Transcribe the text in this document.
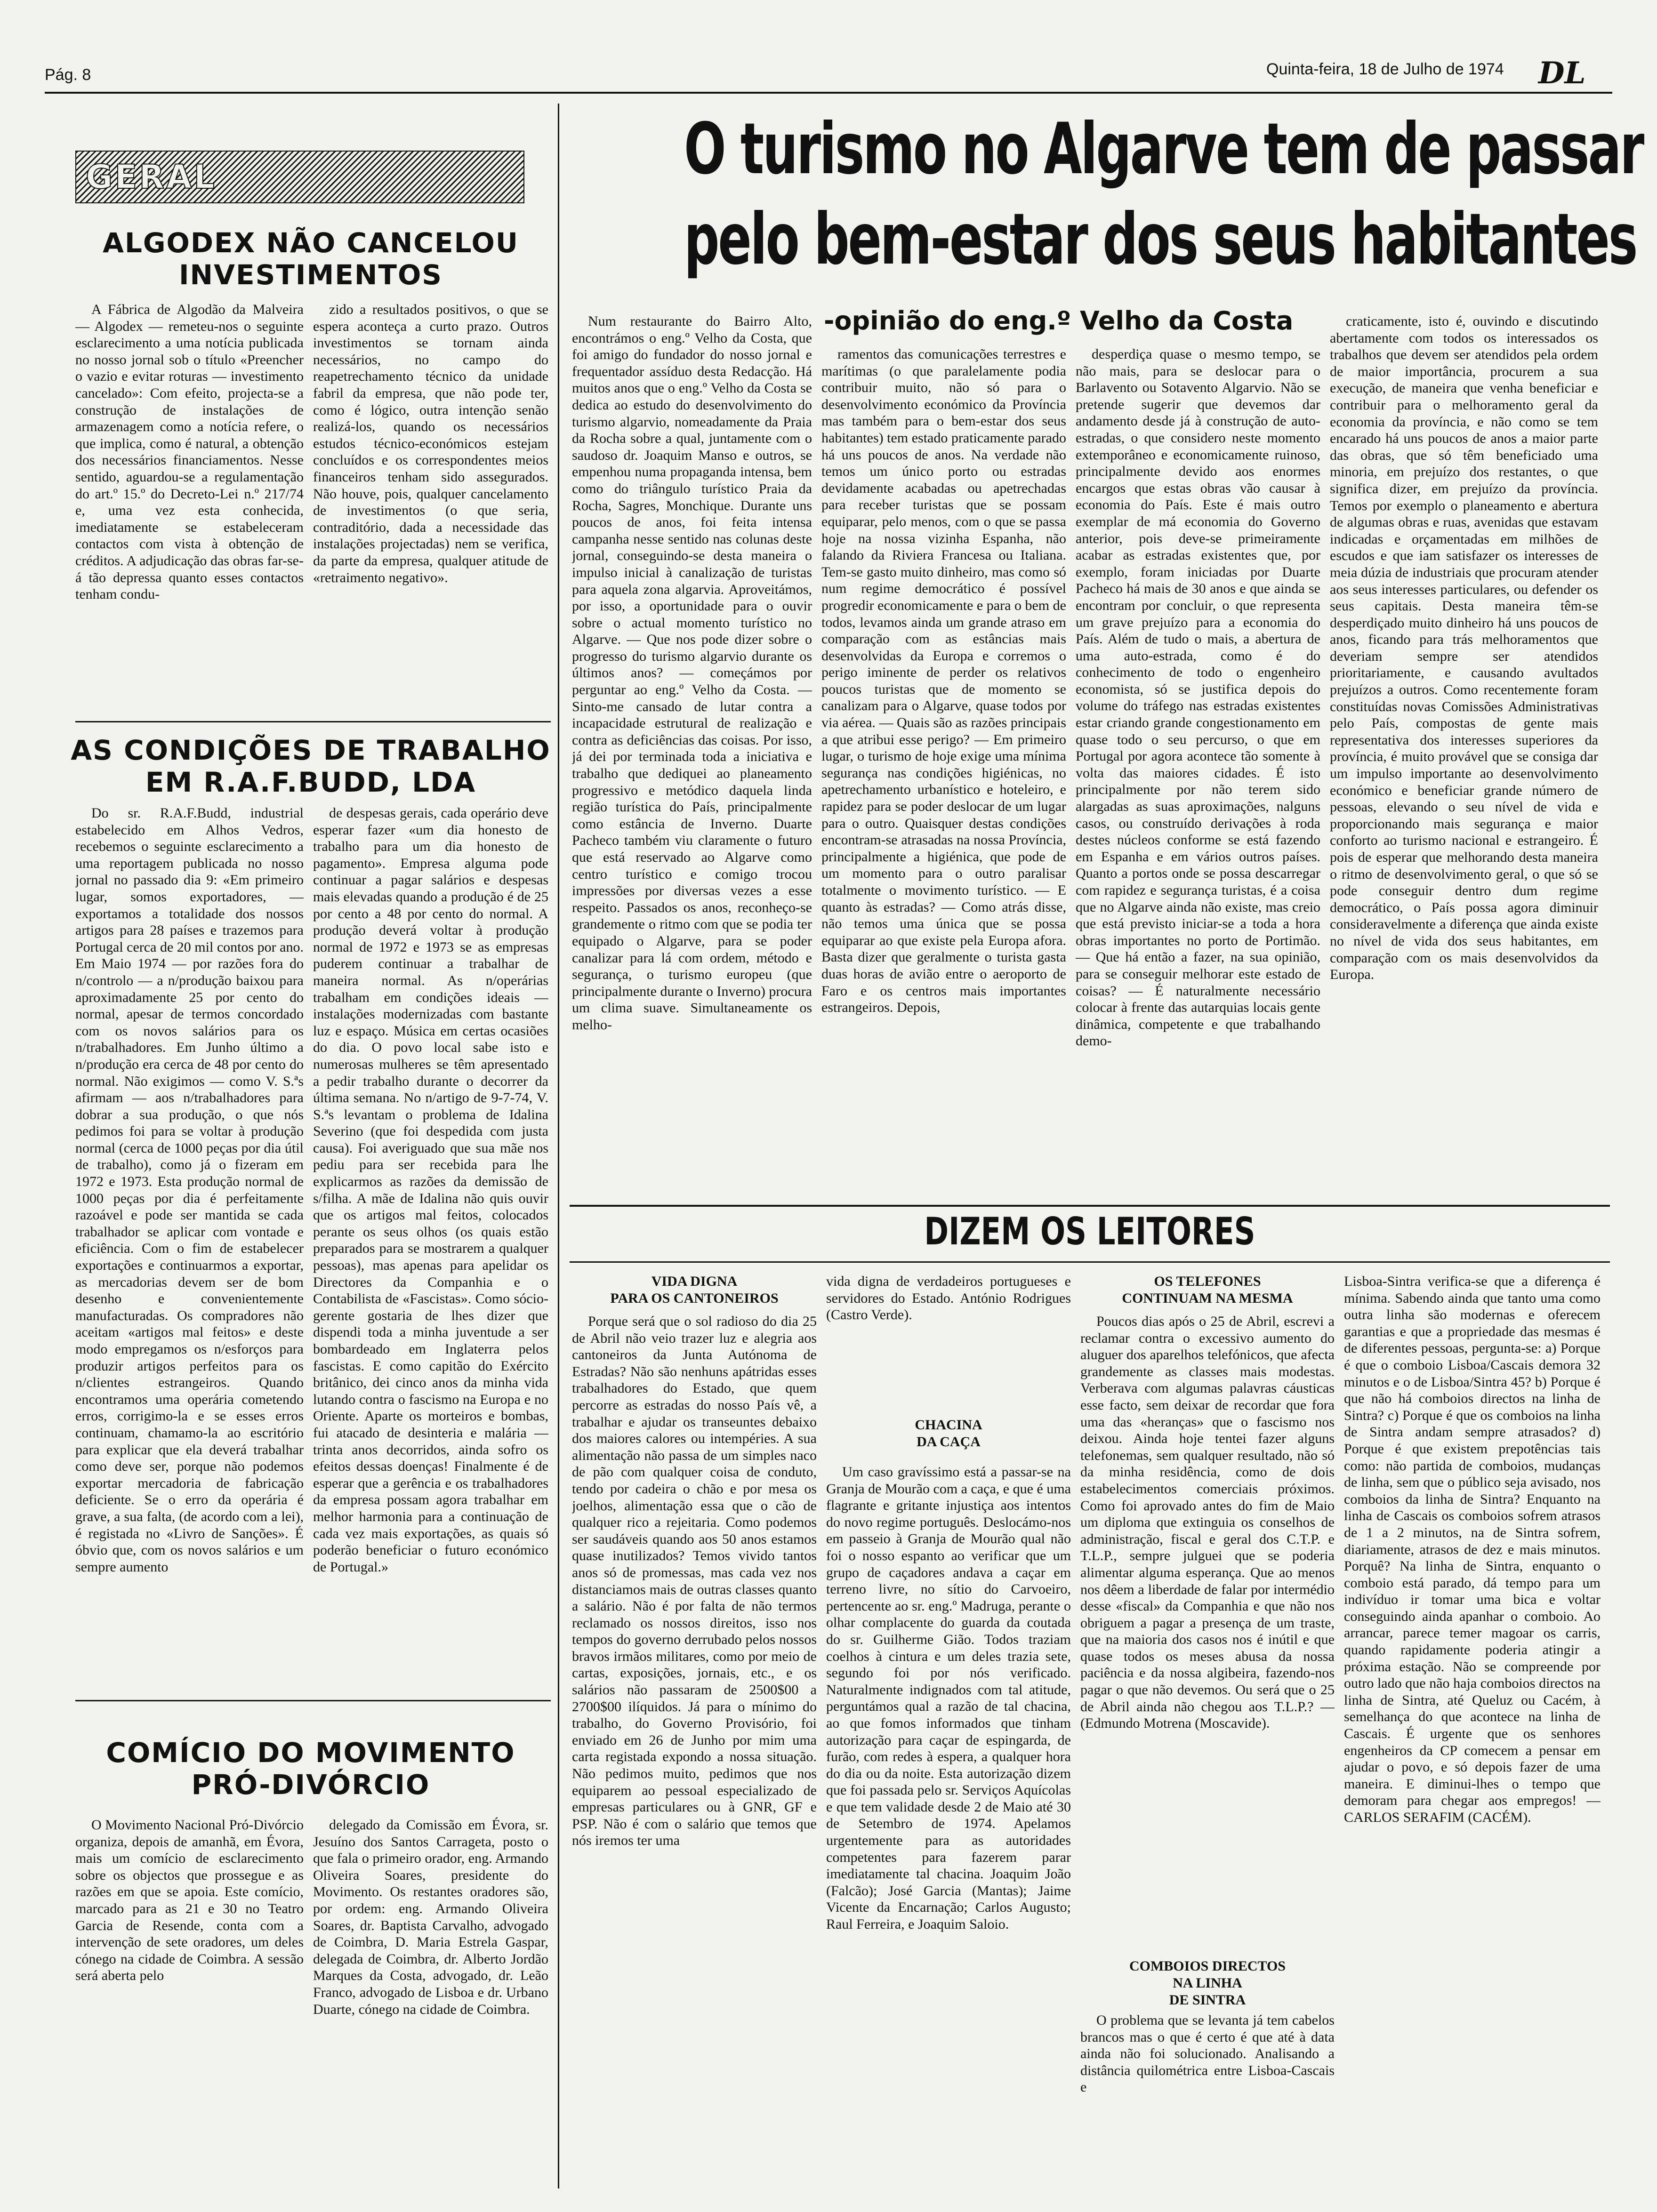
Pág. 8	Quinta-feira, 18 de Julho de 1974 DL
GERAL
ALGODEX NÃO CANCELOU INVESTIMENTOS

A Fábrica de Algodão da Malveira — Algodex — remeteu-nos o seguinte esclarecimento a uma notícia publicada no nosso jornal sob o título «Preencher o vazio e evitar roturas — investimento cancelado»: Com efeito, projecta-se a construção de instalações de armazenagem como a notícia refere, o que implica, como é natural, a obtenção dos necessários financiamentos. Nesse sentido, aguardou-se a regulamentação do art.º 15.º do Decreto-Lei n.º 217/74 e, uma vez esta conhecida, imediatamente se estabeleceram contactos com vista à obtenção de créditos. A adjudicação das obras far-se-á tão depressa quanto esses contactos tenham condu-

zido a resultados positivos, o que se espera aconteça a curto prazo. Outros investimentos se tornam ainda necessários, no campo do reapetrechamento técnico da unidade fabril da empresa, que não pode ter, como é lógico, outra intenção senão realizá-los, quando os necessários estudos técnico-económicos estejam concluídos e os correspondentes meios financeiros tenham sido assegurados. Não houve, pois, qualquer cancelamento de investimentos (o que seria, contraditório, dada a necessidade das instalações projectadas) nem se verifica, da parte da empresa, qualquer atitude de «retraimento negativo».

AS CONDIÇÕES DE TRABALHO EM R.A.F.BUDD, LDA

Do sr. R.A.F.Budd, industrial estabelecido em Alhos Vedros, recebemos o seguinte esclarecimento a uma reportagem publicada no nosso jornal no passado dia 9: «Em primeiro lugar, somos exportadores, — exportamos a totalidade dos nossos artigos para 28 países e trazemos para Portugal cerca de 20 mil contos por ano. Em Maio 1974 — por razões fora do n/controlo — a n/produção baixou para aproximadamente 25 por cento do normal, apesar de termos concordado com os novos salários para os n/trabalhadores. Em Junho último a n/produção era cerca de 48 por cento do normal. Não exigimos — como V. S.ªs afirmam — aos n/trabalhadores para dobrar a sua produção, o que nós pedimos foi para se voltar à produção normal (cerca de 1000 peças por dia útil de trabalho), como já o fizeram em 1972 e 1973. Esta produção normal de 1000 peças por dia é perfeitamente razoável e pode ser mantida se cada trabalhador se aplicar com vontade e eficiência. Com o fim de estabelecer exportações e continuarmos a exportar, as mercadorias devem ser de bom desenho e convenientemente manufacturadas. Os compradores não aceitam «artigos mal feitos» e deste modo empregamos os n/esforços para produzir artigos perfeitos para os n/clientes estrangeiros. Quando encontramos uma operária cometendo erros, corrigimo-la e se esses erros continuam, chamamo-la ao escritório para explicar que ela deverá trabalhar como deve ser, porque não podemos exportar mercadoria de fabricação deficiente. Se o erro da operária é grave, a sua falta, (de acordo com a lei), é registada no «Livro de Sanções». É óbvio que, com os novos salários e um sempre aumento

de despesas gerais, cada operário deve esperar fazer «um dia honesto de trabalho para um dia honesto de pagamento». Empresa alguma pode continuar a pagar salários e despesas mais elevadas quando a produção é de 25 por cento a 48 por cento do normal. A produção deverá voltar à produção normal de 1972 e 1973 se as empresas puderem continuar a trabalhar de maneira normal. As n/operárias trabalham em condições ideais — instalações modernizadas com bastante luz e espaço. Música em certas ocasiões do dia. O povo local sabe isto e numerosas mulheres se têm apresentado a pedir trabalho durante o decorrer da última semana. No n/artigo de 9-7-74, V. S.ªs levantam o problema de Idalina Severino (que foi despedida com justa causa). Foi averiguado que sua mãe nos pediu para ser recebida para lhe explicarmos as razões da demissão de s/filha. A mãe de Idalina não quis ouvir que os artigos mal feitos, colocados perante os seus olhos (os quais estão preparados para se mostrarem a qualquer pessoas), mas apenas para apelidar os Directores da Companhia e o Contabilista de «Fascistas». Como sócio-gerente gostaria de lhes dizer que dispendi toda a minha juventude a ser bombardeado em Inglaterra pelos fascistas. E como capitão do Exército britânico, dei cinco anos da minha vida lutando contra o fascismo na Europa e no Oriente. Aparte os morteiros e bombas, fui atacado de desinteria e malária — trinta anos decorridos, ainda sofro os efeitos dessas doenças! Finalmente é de esperar que a gerência e os trabalhadores da empresa possam agora trabalhar em melhor harmonia para a continuação de cada vez mais exportações, as quais só poderão beneficiar o futuro económico de Portugal.»

COMÍCIO DO MOVIMENTO PRÓ-DIVÓRCIO

O Movimento Nacional Pró-Divórcio organiza, depois de amanhã, em Évora, mais um comício de esclarecimento sobre os objectos que prossegue e as razões em que se apoia. Este comício, marcado para as 21 e 30 no Teatro Garcia de Resende, conta com a intervenção de sete oradores, um deles cónego na cidade de Coimbra. A sessão será aberta pelo

delegado da Comissão em Évora, sr. Jesuíno dos Santos Carrageta, posto o que fala o primeiro orador, eng. Armando Oliveira Soares, presidente do Movimento. Os restantes oradores são, por ordem: eng. Armando Oliveira Soares, dr. Baptista Carvalho, advogado de Coimbra, D. Maria Estrela Gaspar, delegada de Coimbra, dr. Alberto Jordão Marques da Costa, advogado, dr. Leão Franco, advogado de Lisboa e dr. Urbano Duarte, cónego na cidade de Coimbra.

O turismo no Algarve tem de passar
pelo bem-estar dos seus habitantes
-opinião do eng.º Velho da Costa

Num restaurante do Bairro Alto, encontrámos o eng.º Velho da Costa, que foi amigo do fundador do nosso jornal e frequentador assíduo desta Redacção. Há muitos anos que o eng.º Velho da Costa se dedica ao estudo do desenvolvimento do turismo algarvio, nomeadamente da Praia da Rocha sobre a qual, juntamente com o saudoso dr. Joaquim Manso e outros, se empenhou numa propaganda intensa, bem como do triângulo turístico Praia da Rocha, Sagres, Monchique. Durante uns poucos de anos, foi feita intensa campanha nesse sentido nas colunas deste jornal, conseguindo-se desta maneira o impulso inicial à canalização de turistas para aquela zona algarvia. Aproveitámos, por isso, a oportunidade para o ouvir sobre o actual momento turístico no Algarve. — Que nos pode dizer sobre o progresso do turismo algarvio durante os últimos anos? — começámos por perguntar ao eng.º Velho da Costa. — Sinto-me cansado de lutar contra a incapacidade estrutural de realização e contra as deficiências das coisas. Por isso, já dei por terminada toda a iniciativa e trabalho que dediquei ao planeamento progressivo e metódico daquela linda região turística do País, principalmente como estância de Inverno. Duarte Pacheco também viu claramente o futuro que está reservado ao Algarve como centro turístico e comigo trocou impressões por diversas vezes a esse respeito. Passados os anos, reconheço-se grandemente o ritmo com que se podia ter equipado o Algarve, para se poder canalizar para lá com ordem, método e segurança, o turismo europeu (que principalmente durante o Inverno) procura um clima suave. Simultaneamente os melho-

ramentos das comunicações terrestres e marítimas (o que paralelamente podia contribuir muito, não só para o desenvolvimento económico da Província mas também para o bem-estar dos seus habitantes) tem estado praticamente parado há uns poucos de anos. Na verdade não temos um único porto ou estradas devidamente acabadas ou apetrechadas para receber turistas que se possam equiparar, pelo menos, com o que se passa hoje na nossa vizinha Espanha, não falando da Riviera Francesa ou Italiana. Tem-se gasto muito dinheiro, mas como só num regime democrático é possível progredir economicamente e para o bem de todos, levamos ainda um grande atraso em comparação com as estâncias mais desenvolvidas da Europa e corremos o perigo iminente de perder os relativos poucos turistas que de momento se canalizam para o Algarve, quase todos por via aérea. — Quais são as razões principais a que atribui esse perigo? — Em primeiro lugar, o turismo de hoje exige uma mínima segurança nas condições higiénicas, no apetrechamento urbanístico e hoteleiro, e rapidez para se poder deslocar de um lugar para o outro. Quaisquer destas condições encontram-se atrasadas na nossa Província, principalmente a higiénica, que pode de um momento para o outro paralisar totalmente o movimento turístico. — E quanto às estradas? — Como atrás disse, não temos uma única que se possa equiparar ao que existe pela Europa afora. Basta dizer que geralmente o turista gasta duas horas de avião entre o aeroporto de Faro e os centros mais importantes estrangeiros. Depois,

desperdiça quase o mesmo tempo, se não mais, para se deslocar para o Barlavento ou Sotavento Algarvio. Não se pretende sugerir que devemos dar andamento desde já à construção de auto-estradas, o que considero neste momento extemporâneo e economicamente ruinoso, principalmente devido aos enormes encargos que estas obras vão causar à economia do País. Este é mais outro exemplar de má economia do Governo anterior, pois deve-se primeiramente acabar as estradas existentes que, por exemplo, foram iniciadas por Duarte Pacheco há mais de 30 anos e que ainda se encontram por concluir, o que representa um grave prejuízo para a economia do País. Além de tudo o mais, a abertura de uma auto-estrada, como é do conhecimento de todo o engenheiro economista, só se justifica depois do volume do tráfego nas estradas existentes estar criando grande congestionamento em quase todo o seu percurso, o que em Portugal por agora acontece tão somente à volta das maiores cidades. É isto principalmente por não terem sido alargadas as suas aproximações, nalguns casos, ou construído derivações à roda destes núcleos conforme se está fazendo em Espanha e em vários outros países. Quanto a portos onde se possa descarregar com rapidez e segurança turistas, é a coisa que no Algarve ainda não existe, mas creio que está previsto iniciar-se a toda a hora obras importantes no porto de Portimão. — Que há então a fazer, na sua opinião, para se conseguir melhorar este estado de coisas? — É naturalmente necessário colocar à frente das autarquias locais gente dinâmica, competente e que trabalhando demo-

craticamente, isto é, ouvindo e discutindo abertamente com todos os interessados os trabalhos que devem ser atendidos pela ordem de maior importância, procurem a sua execução, de maneira que venha beneficiar e contribuir para o melhoramento geral da economia da província, e não como se tem encarado há uns poucos de anos a maior parte das obras, que só têm beneficiado uma minoria, em prejuízo dos restantes, o que significa dizer, em prejuízo da província. Temos por exemplo o planeamento e abertura de algumas obras e ruas, avenidas que estavam indicadas e orçamentadas em milhões de escudos e que iam satisfazer os interesses de meia dúzia de industriais que procuram atender aos seus interesses particulares, ou defender os seus capitais. Desta maneira têm-se desperdiçado muito dinheiro há uns poucos de anos, ficando para trás melhoramentos que deveriam sempre ser atendidos prioritariamente, e causando avultados prejuízos a outros. Como recentemente foram constituídas novas Comissões Administrativas pelo País, compostas de gente mais representativa dos interesses superiores da província, é muito provável que se consiga dar um impulso importante ao desenvolvimento económico e beneficiar grande número de pessoas, elevando o seu nível de vida e proporcionando mais segurança e maior conforto ao turismo nacional e estrangeiro. É pois de esperar que melhorando desta maneira o ritmo de desenvolvimento geral, o que só se pode conseguir dentro dum regime democrático, o País possa agora diminuir consideravelmente a diferença que ainda existe no nível de vida dos seus habitantes, em comparação com os mais desenvolvidos da Europa.

DIZEM OS LEITORES
VIDA DIGNA
PARA OS CANTONEIROS

Porque será que o sol radioso do dia 25 de Abril não veio trazer luz e alegria aos cantoneiros da Junta Autónoma de Estradas? Não são nenhuns apátridas esses trabalhadores do Estado, que quem percorre as estradas do nosso País vê, a trabalhar e ajudar os transeuntes debaixo dos maiores calores ou intempéries. A sua alimentação não passa de um simples naco de pão com qualquer coisa de conduto, tendo por cadeira o chão e por mesa os joelhos, alimentação essa que o cão de qualquer rico a rejeitaria. Como podemos ser saudáveis quando aos 50 anos estamos quase inutilizados? Temos vivido tantos anos só de promessas, mas cada vez nos distanciamos mais de outras classes quanto a salário. Não é por falta de não termos reclamado os nossos direitos, isso nos tempos do governo derrubado pelos nossos bravos irmãos militares, como por meio de cartas, exposições, jornais, etc., e os salários não passaram de 2500$00 a 2700$00 ilíquidos. Já para o mínimo do trabalho, do Governo Provisório, foi enviado em 26 de Junho por mim uma carta registada expondo a nossa situação. Não pedimos muito, pedimos que nos equiparem ao pessoal especializado de empresas particulares ou à GNR, GF e PSP. Não é com o salário que temos que nós iremos ter uma

vida digna de verdadeiros portugueses e servidores do Estado. António Rodrigues (Castro Verde).

CHACINA
DA CAÇA

Um caso gravíssimo está a passar-se na Granja de Mourão com a caça, e que é uma flagrante e gritante injustiça aos intentos do novo regime português. Deslocámo-nos em passeio à Granja de Mourão qual não foi o nosso espanto ao verificar que um grupo de caçadores andava a caçar em terreno livre, no sítio do Carvoeiro, pertencente ao sr. eng.º Madruga, perante o olhar complacente do guarda da coutada do sr. Guilherme Gião. Todos traziam coelhos à cintura e um deles trazia sete, segundo foi por nós verificado. Naturalmente indignados com tal atitude, perguntámos qual a razão de tal chacina, ao que fomos informados que tinham autorização para caçar de espingarda, de furão, com redes à espera, a qualquer hora do dia ou da noite. Esta autorização dizem que foi passada pelo sr. Serviços Aquícolas e que tem validade desde 2 de Maio até 30 de Setembro de 1974. Apelamos urgentemente para as autoridades competentes para fazerem parar imediatamente tal chacina. Joaquim João (Falcão); José Garcia (Mantas); Jaime Vicente da Encarnação; Carlos Augusto; Raul Ferreira, e Joaquim Saloio.

OS TELEFONES
CONTINUAM NA MESMA

Poucos dias após o 25 de Abril, escrevi a reclamar contra o excessivo aumento do aluguer dos aparelhos telefónicos, que afecta grandemente as classes mais modestas. Verberava com algumas palavras cáusticas esse facto, sem deixar de recordar que fora uma das «heranças» que o fascismo nos deixou. Ainda hoje tentei fazer alguns telefonemas, sem qualquer resultado, não só da minha residência, como de dois estabelecimentos comerciais próximos. Como foi aprovado antes do fim de Maio um diploma que extinguia os conselhos de administração, fiscal e geral dos C.T.P. e T.L.P., sempre julguei que se poderia alimentar alguma esperança. Que ao menos nos dêem a liberdade de falar por intermédio desse «fiscal» da Companhia e que não nos obriguem a pagar a presença de um traste, que na maioria dos casos nos é inútil e que quase todos os meses abusa da nossa paciência e da nossa algibeira, fazendo-nos pagar o que não devemos. Ou será que o 25 de Abril ainda não chegou aos T.L.P.? — (Edmundo Motrena (Moscavide).

COMBOIOS DIRECTOS
NA LINHA
DE SINTRA

O problema que se levanta já tem cabelos brancos mas o que é certo é que até à data ainda não foi solucionado. Analisando a distância quilométrica entre Lisboa-Cascais e

Lisboa-Sintra verifica-se que a diferença é mínima. Sabendo ainda que tanto uma como outra linha são modernas e oferecem garantias e que a propriedade das mesmas é de diferentes pessoas, pergunta-se: a) Porque é que o comboio Lisboa/Cascais demora 32 minutos e o de Lisboa/Sintra 45? b) Porque é que não há comboios directos na linha de Sintra? c) Porque é que os comboios na linha de Sintra andam sempre atrasados? d) Porque é que existem prepotências tais como: não partida de comboios, mudanças de linha, sem que o público seja avisado, nos comboios da linha de Sintra? Enquanto na linha de Cascais os comboios sofrem atrasos de 1 a 2 minutos, na de Sintra sofrem, diariamente, atrasos de dez e mais minutos. Porquê? Na linha de Sintra, enquanto o comboio está parado, dá tempo para um indivíduo ir tomar uma bica e voltar conseguindo ainda apanhar o comboio. Ao arrancar, parece temer magoar os carris, quando rapidamente poderia atingir a próxima estação. Não se compreende por outro lado que não haja comboios directos na linha de Sintra, até Queluz ou Cacém, à semelhança do que acontece na linha de Cascais. É urgente que os senhores engenheiros da CP comecem a pensar em ajudar o povo, e só depois fazer de uma maneira. E diminui-lhes o tempo que demoram para chegar aos empregos! — CARLOS SERAFIM (CACÉM).
